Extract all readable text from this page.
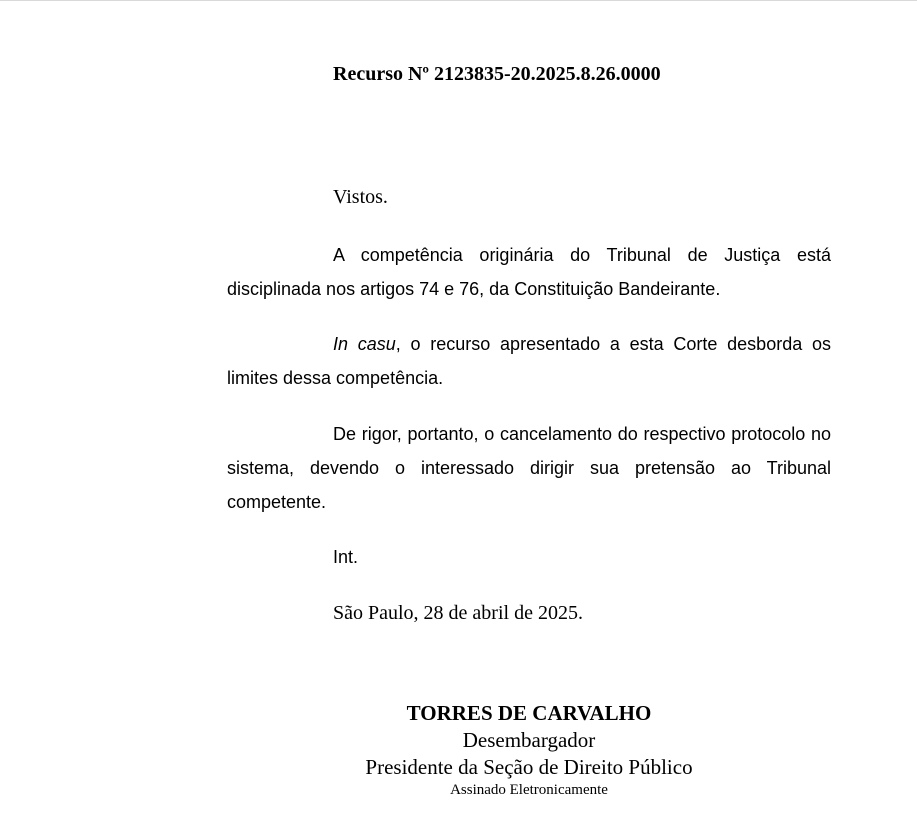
Recurso Nº 2123835-20.2025.8.26.0000
Vistos.

A competência originária do Tribunal de Justiça está disciplinada nos artigos 74 e 76, da Constituição Bandeirante.

In casu, o recurso apresentado a esta Corte desborda os limites dessa competência.

De rigor, portanto, o cancelamento do respectivo protocolo no sistema, devendo o interessado dirigir sua pretensão ao Tribunal competente.

Int.
São Paulo, 28 de abril de 2025.
TORRES DE CARVALHO
Desembargador
Presidente da Seção de Direito Público
Assinado Eletronicamente
